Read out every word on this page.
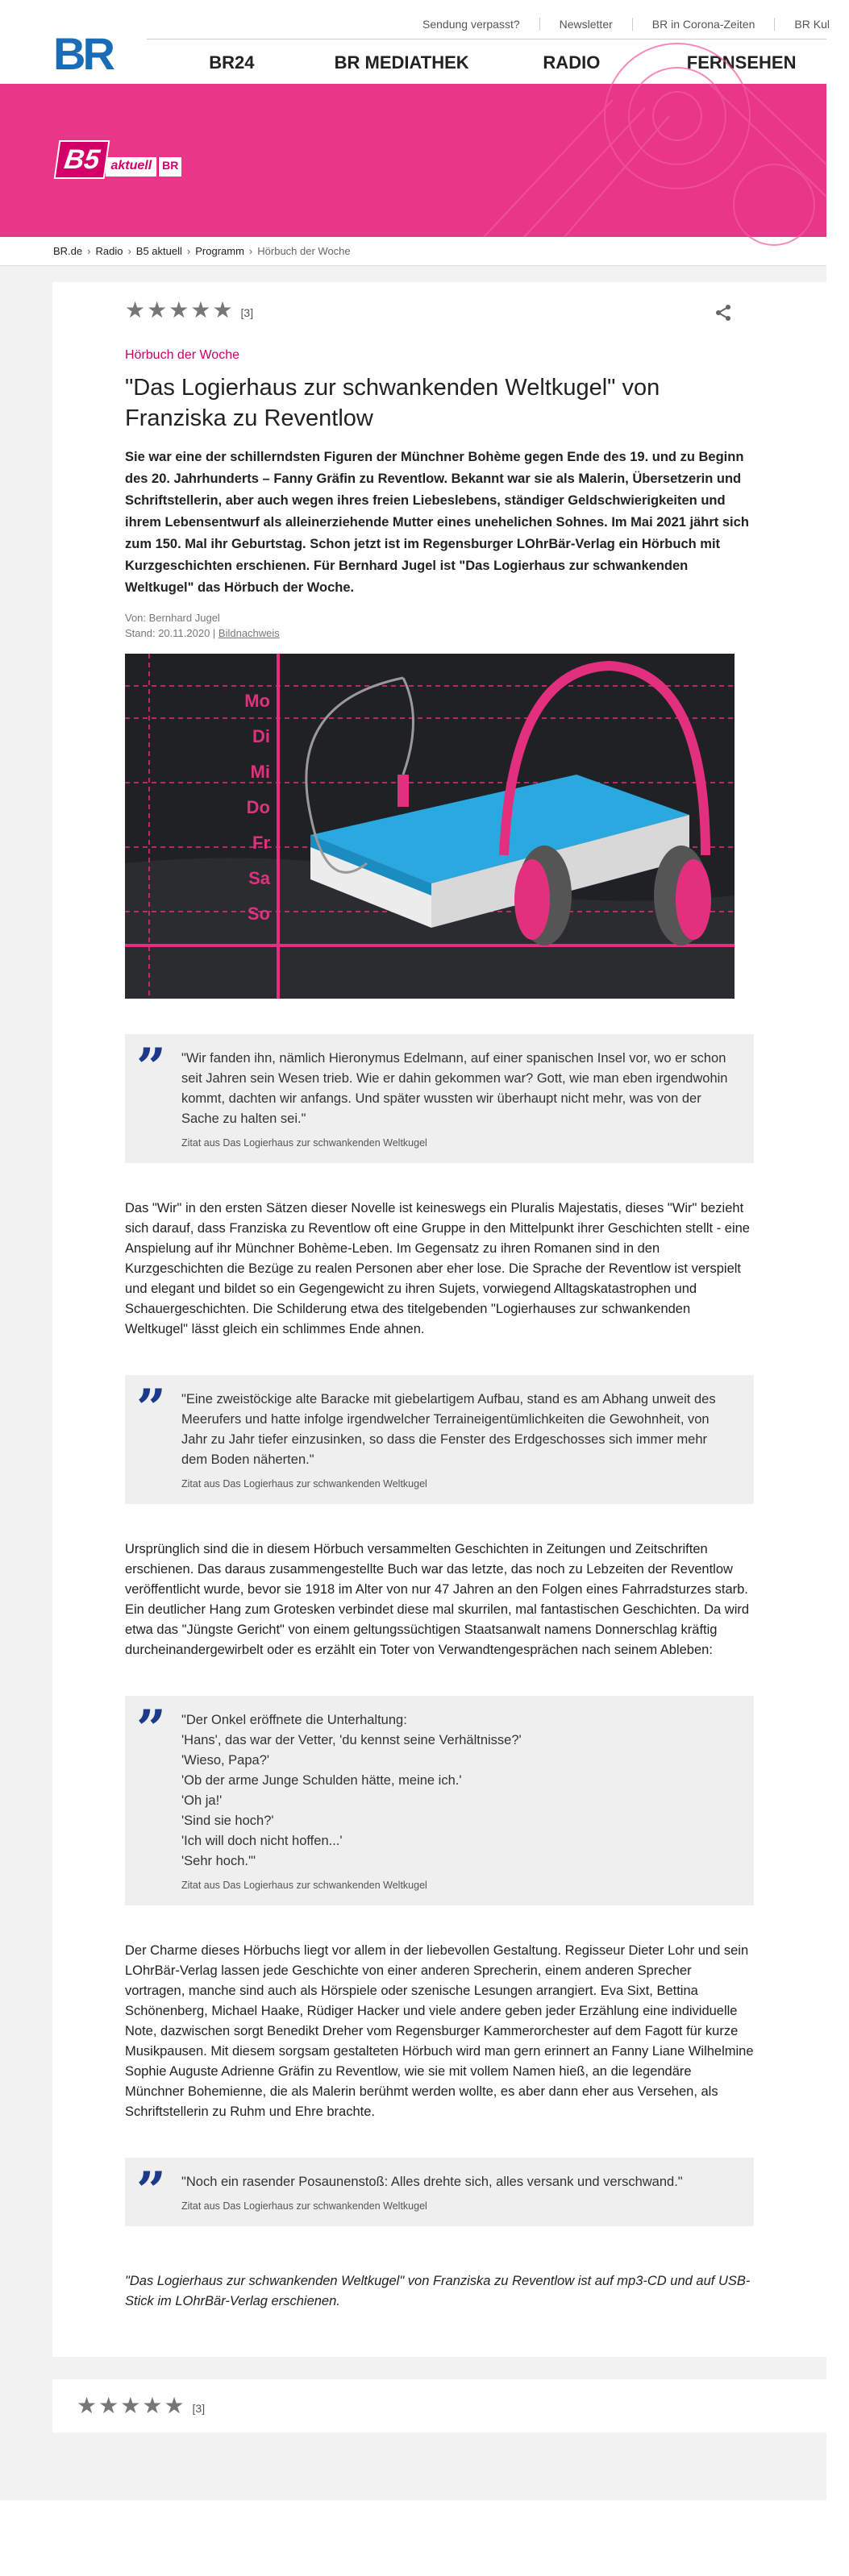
BR
Sendung verpasst?	Newsletter	BR in Corona-Zeiten	BR Kul
BR24	BR MEDIATHEK	RADIO	FERNSEHEN
B5 aktuell BR
BR.de › Radio › B5 aktuell › Programm › Hörbuch der Woche
★ ★ ★ ★ ★ [3]
Hörbuch der Woche
"Das Logierhaus zur schwankenden Weltkugel" von Franziska zu Reventlow

Sie war eine der schillerndsten Figuren der Münchner Bohème gegen Ende des 19. und zu Beginn des 20. Jahrhunderts – Fanny Gräfin zu Reventlow. Bekannt war sie als Malerin, Übersetzerin und Schriftstellerin, aber auch wegen ihres freien Liebeslebens, ständiger Geldschwierigkeiten und ihrem Lebensentwurf als alleinerziehende Mutter eines unehelichen Sohnes. Im Mai 2021 jährt sich zum 150. Mal ihr Geburtstag. Schon jetzt ist im Regensburger LOhrBär-Verlag ein Hörbuch mit Kurzgeschichten erschienen. Für Bernhard Jugel ist "Das Logierhaus zur schwankenden Weltkugel" das Hörbuch der Woche.

Von: Bernhard Jugel
Stand: 20.11.2020 | Bildnachweis
Mo
Di
Mi
Do
Fr
Sa
So
” "Wir fanden ihn, nämlich Hieronymus Edelmann, auf einer spanischen Insel vor, wo er schon seit Jahren sein Wesen trieb. Wie er dahin gekommen war? Gott, wie man eben irgendwohin kommt, dachten wir anfangs. Und später wussten wir überhaupt nicht mehr, was von der Sache zu halten sei."

Zitat aus Das Logierhaus zur schwankenden Weltkugel

Das "Wir" in den ersten Sätzen dieser Novelle ist keineswegs ein Pluralis Majestatis, dieses "Wir" bezieht sich darauf, dass Franziska zu Reventlow oft eine Gruppe in den Mittelpunkt ihrer Geschichten stellt - eine Anspielung auf ihr Münchner Bohème-Leben. Im Gegensatz zu ihren Romanen sind in den Kurzgeschichten die Bezüge zu realen Personen aber eher lose. Die Sprache der Reventlow ist verspielt und elegant und bildet so ein Gegengewicht zu ihren Sujets, vorwiegend Alltagskatastrophen und Schauergeschichten. Die Schilderung etwa des titelgebenden "Logierhauses zur schwankenden Weltkugel" lässt gleich ein schlimmes Ende ahnen.

” "Eine zweistöckige alte Baracke mit giebelartigem Aufbau, stand es am Abhang unweit des Meerufers und hatte infolge irgendwelcher Terraineigentümlichkeiten die Gewohnheit, von Jahr zu Jahr tiefer einzusinken, so dass die Fenster des Erdgeschosses sich immer mehr dem Boden näherten."

Zitat aus Das Logierhaus zur schwankenden Weltkugel

Ursprünglich sind die in diesem Hörbuch versammelten Geschichten in Zeitungen und Zeitschriften erschienen. Das daraus zusammengestellte Buch war das letzte, das noch zu Lebzeiten der Reventlow veröffentlicht wurde, bevor sie 1918 im Alter von nur 47 Jahren an den Folgen eines Fahrradsturzes starb. Ein deutlicher Hang zum Grotesken verbindet diese mal skurrilen, mal fantastischen Geschichten. Da wird etwa das "Jüngste Gericht" von einem geltungssüchtigen Staatsanwalt namens Donnerschlag kräftig durcheinandergewirbelt oder es erzählt ein Toter von Verwandtengesprächen nach seinem Ableben:

” "Der Onkel eröffnete die Unterhaltung:

'Hans', das war der Vetter, 'du kennst seine Verhältnisse?'

'Wieso, Papa?'

'Ob der arme Junge Schulden hätte, meine ich.'

'Oh ja!'

'Sind sie hoch?'

'Ich will doch nicht hoffen...'

'Sehr hoch.'"

Zitat aus Das Logierhaus zur schwankenden Weltkugel

Der Charme dieses Hörbuchs liegt vor allem in der liebevollen Gestaltung. Regisseur Dieter Lohr und sein LOhrBär-Verlag lassen jede Geschichte von einer anderen Sprecherin, einem anderen Sprecher vortragen, manche sind auch als Hörspiele oder szenische Lesungen arrangiert. Eva Sixt, Bettina Schönenberg, Michael Haake, Rüdiger Hacker und viele andere geben jeder Erzählung eine individuelle Note, dazwischen sorgt Benedikt Dreher vom Regensburger Kammerorchester auf dem Fagott für kurze Musikpausen. Mit diesem sorgsam gestalteten Hörbuch wird man gern erinnert an Fanny Liane Wilhelmine Sophie Auguste Adrienne Gräfin zu Reventlow, wie sie mit vollem Namen hieß, an die legendäre Münchner Bohemienne, die als Malerin berühmt werden wollte, es aber dann eher aus Versehen, als Schriftstellerin zu Ruhm und Ehre brachte.

” "Noch ein rasender Posaunenstoß: Alles drehte sich, alles versank und verschwand."

Zitat aus Das Logierhaus zur schwankenden Weltkugel

"Das Logierhaus zur schwankenden Weltkugel" von Franziska zu Reventlow ist auf mp3-CD und auf USB-Stick im LOhrBär-Verlag erschienen.

★ ★ ★ ★ ★ [3]
